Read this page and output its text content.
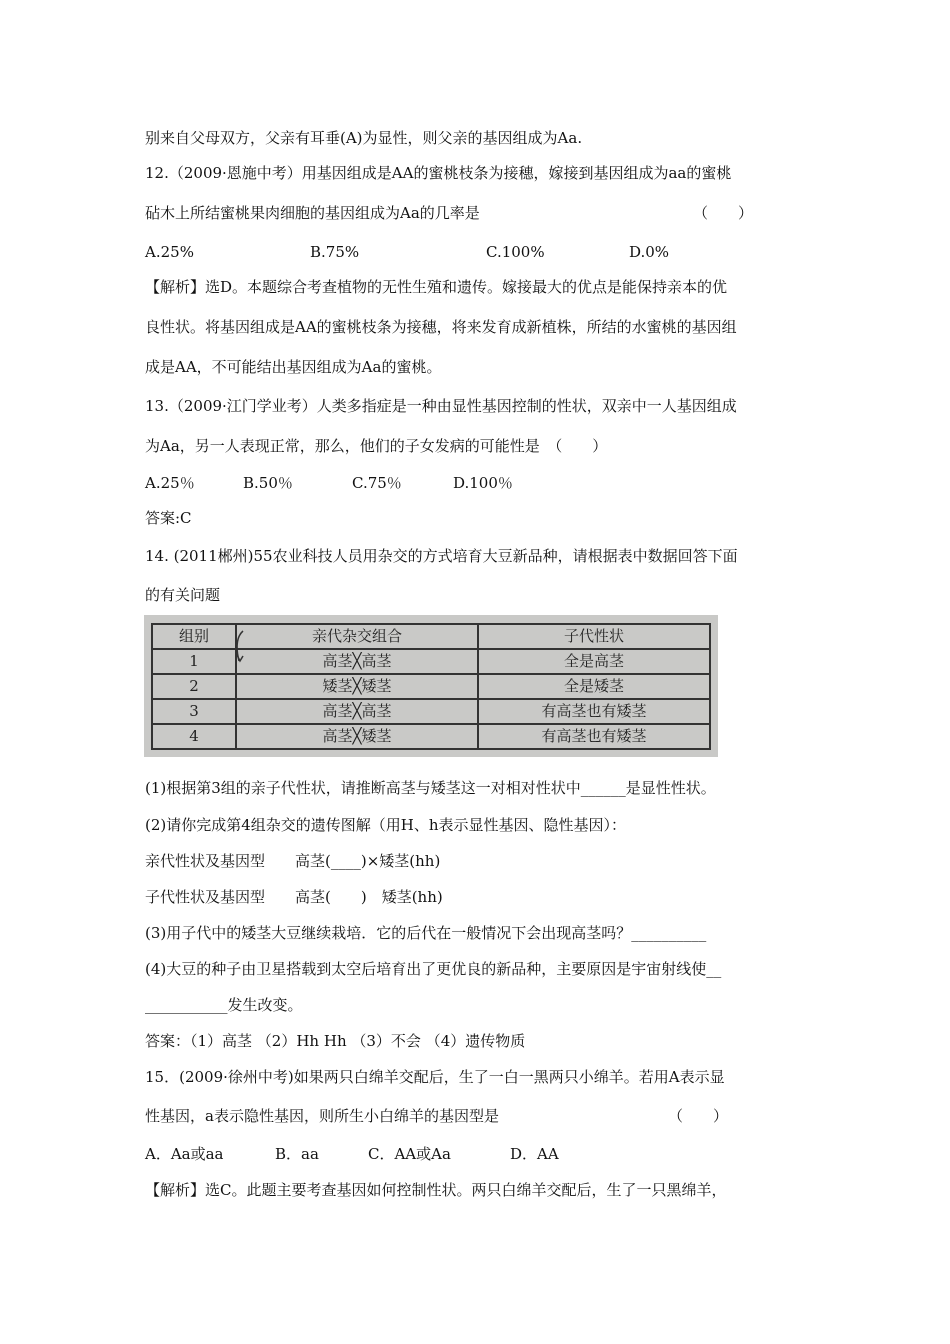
别来自父母双方，父亲有耳垂(A)为显性，则父亲的基因组成为Aa.
12.（2009·恩施中考）用基因组成是AA的蜜桃枝条为接穗，嫁接到基因组成为aa的蜜桃
砧木上所结蜜桃果肉细胞的基因组成为Aa的几率是	（　　）
A.25%	B.75%	C.100%	D.0%
【解析】选D。本题综合考查植物的无性生殖和遗传。嫁接最大的优点是能保持亲本的优
良性状。将基因组成是AA的蜜桃枝条为接穗，将来发育成新植株，所结的水蜜桃的基因组
成是AA，不可能结出基因组成为Aa的蜜桃。
13.（2009·江门学业考）人类多指症是一种由显性基因控制的性状，双亲中一人基因组成
为Aa，另一人表现正常，那么，他们的子女发病的可能性是　（　　）
A.25％	B.50％	C.75％	D.100％
答案:C
14. (2011郴州)55农业科技人员用杂交的方式培育大豆新品种，请根据表中数据回答下面
的有关问题
组别	亲代杂交组合	子代性状
1	高茎╳高茎	全是高茎
2	矮茎╳矮茎	全是矮茎
3	高茎╳高茎	有高茎也有矮茎
4	高茎╳矮茎	有高茎也有矮茎
(1)根据第3组的亲子代性状，请推断高茎与矮茎这一对相对性状中______是显性性状。
(2)请你完成第4组杂交的遗传图解（用H、h表示显性基因、隐性基因）：
亲代性状及基因型　　高茎(____)×矮茎(hh)
子代性状及基因型　　高茎(　　)　矮茎(hh)
(3)用子代中的矮茎大豆继续栽培．它的后代在一般情况下会出现高茎吗？__________
(4)大豆的种子由卫星搭载到太空后培育出了更优良的新品种，主要原因是宇宙射线使__
___________发生改变。
答案：（1）高茎 （2）Hh Hh （3）不会 （4）遗传物质
15．(2009·徐州中考)如果两只白绵羊交配后，生了一白一黑两只小绵羊。若用A表示显
性基因，a表示隐性基因，则所生小白绵羊的基因型是	（　　）
A．Aa或aa	B．aa	C．AA或Aa	D．AA
【解析】选C。此题主要考查基因如何控制性状。两只白绵羊交配后，生了一只黑绵羊，
